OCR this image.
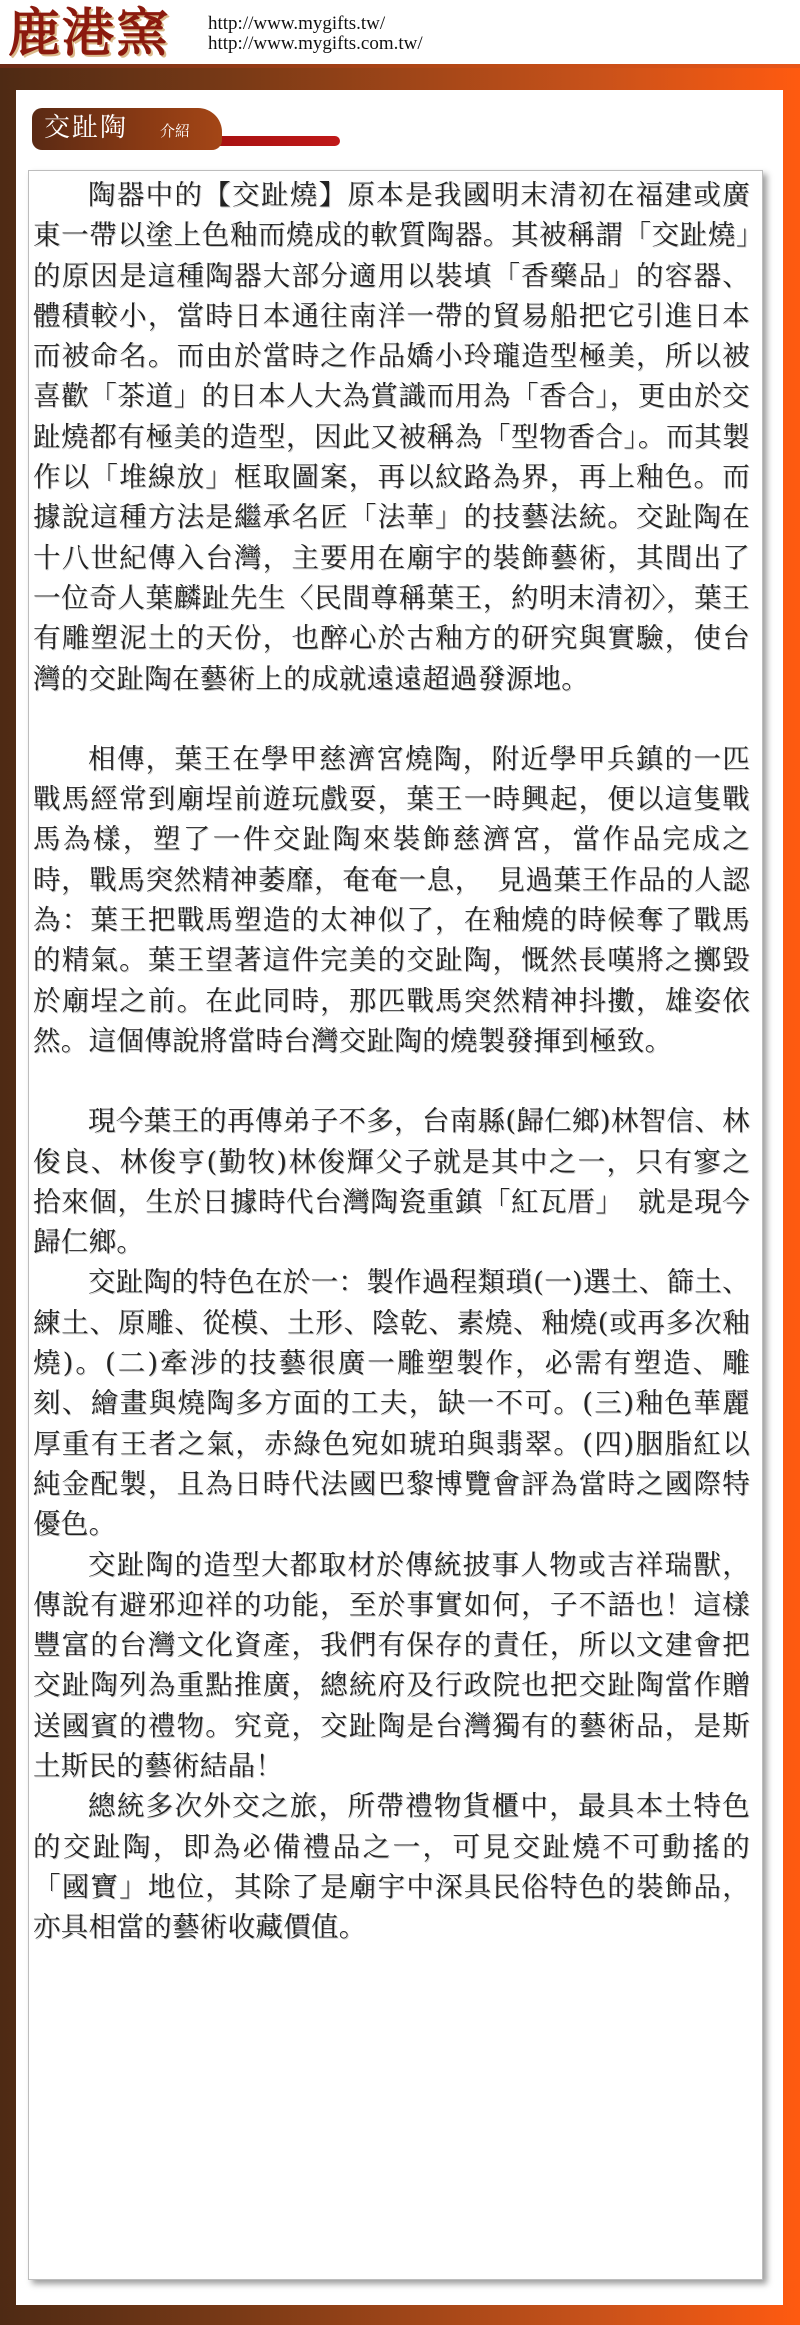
鹿港窯 http://www.mygifts.tw/
http://www.mygifts.com.tw/
交趾陶 介紹

陶器中的【交趾燒】原本是我國明末清初在福建或廣東一帶以塗上色釉而燒成的軟質陶器。其被稱謂「交趾燒」的原因是這種陶器大部分適用以裝填「香藥品」的容器、體積較小，當時日本通往南洋一帶的貿易船把它引進日本而被命名。而由於當時之作品嬌小玲瓏造型極美，所以被喜歡「茶道」的日本人大為賞識而用為「香合」，更由於交趾燒都有極美的造型，因此又被稱為「型物香合」。而其製作以「堆線放」框取圖案，再以紋路為界，再上釉色。而據說這種方法是繼承名匠「法華」的技藝法統。交趾陶在十八世紀傳入台灣，主要用在廟宇的裝飾藝術，其間出了一位奇人葉麟趾先生〈民間尊稱葉王，約明末清初〉，葉王有雕塑泥土的天份，也醉心於古釉方的研究與實驗，使台灣的交趾陶在藝術上的成就遠遠超過發源地。

相傳，葉王在學甲慈濟宮燒陶，附近學甲兵鎮的一匹戰馬經常到廟埕前遊玩戲耍，葉王一時興起，便以這隻戰馬為樣，塑了一件交趾陶來裝飾慈濟宮，當作品完成之時，戰馬突然精神萎靡，奄奄一息，　見過葉王作品的人認為：葉王把戰馬塑造的太神似了，在釉燒的時候奪了戰馬的精氣。葉王望著這件完美的交趾陶，慨然長嘆將之擲毀於廟埕之前。在此同時，那匹戰馬突然精神抖擻，雄姿依然。這個傳說將當時台灣交趾陶的燒製發揮到極致。

現今葉王的再傳弟子不多，台南縣(歸仁鄉)林智信、林俊良、林俊亨(勤牧)林俊輝父子就是其中之一，只有寥之拾來個，生於日據時代台灣陶瓷重鎮「紅瓦厝」　就是現今歸仁鄉。

交趾陶的特色在於一：製作過程類瑣(一)選土、篩土、練土、原雕、從模、土形、陰乾、素燒、釉燒(或再多次釉燒)。(二)牽涉的技藝很廣一雕塑製作，必需有塑造、雕刻、繪畫與燒陶多方面的工夫，缺一不可。(三)釉色華麗厚重有王者之氣，赤綠色宛如琥珀與翡翠。(四)胭脂紅以純金配製，且為日時代法國巴黎博覽會評為當時之國際特優色。

交趾陶的造型大都取材於傳統披事人物或吉祥瑞獸，傳說有避邪迎祥的功能，至於事實如何，子不語也！這樣豐富的台灣文化資產，我們有保存的責任，所以文建會把交趾陶列為重點推廣，總統府及行政院也把交趾陶當作贈送國賓的禮物。究竟，交趾陶是台灣獨有的藝術品，是斯土斯民的藝術結晶！

總統多次外交之旅，所帶禮物貨櫃中，最具本土特色的交趾陶，即為必備禮品之一，可見交趾燒不可動搖的「國寶」地位，其除了是廟宇中深具民俗特色的裝飾品，亦具相當的藝術收藏價值。
